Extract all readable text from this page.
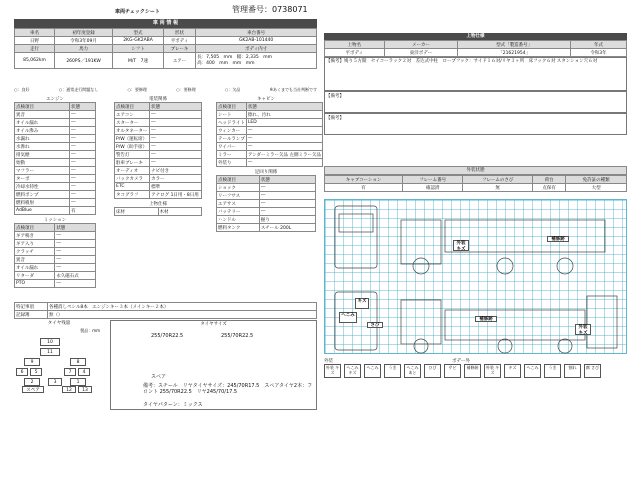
車両チェックシート	管理番号：0738071
車 両 情 報
車名	初年度登録	型式	形状	車台番号
日野	令和3年09月	2KG-GK2ABA	平ボディ	GK2AB-101440
走行	馬力	シフト	ブレーキ	ボディ内寸
85,062km	260PS／191KW	M/T　7速	エアー	長：7,505　mm　幅：2,335　mm
高：400　mm　mm　mm
○：良好	○：通常走行問題なし	○：要修理	○：要修理	○：欠品	※あくまでも当社判断です
エンジン
点検項目	状態
異音	―
オイル漏れ	―
オイル滲み	―
水漏れ	―
水滲れ	―
排気煙	―
始動	―
マフラー	―
ターボ	―
冷却水特性	―
燃料ポンプ	―
燃料噴射	―
AdBlue	有
ミッション
点検項目	状態
ギア鳴き	―
ギア入り	―
クラッチ	―
異音	―
オイル漏れ	―
リターダ	永久磁石式
PTO	―
電装関係
点検項目	状態
エアコン	―
スターター	―
オルタネーター	―
P/W（運転席）	―
P/W（助手席）	―
警告灯	―
駐車ブレーキ	―
オーディオ	ナビ付き
バックカメラ	カラー
ETC	標準
タコグラフ	アナログ 1日用・8日用
上物仕様
床材	木材
キャビン
点検項目	状態
シート	擦れ、汚れ
ヘッドライト	LED
ウィンカー	―
テールランプ	―
ワイパー	―
ミラー	アンダーミラー欠品 左側ミラー欠品
外装り	―
足回り関係
点検項目	状態
ショック	―
リーフサス	―
エアサス	―
バッテリー	―
ハンドル	握り
燃料タンク	スチール 200L
特記事項	各種消しペシル8本　エンジンキー３本（メインキー２本）
記録簿	無（）
タイヤ残量
製品：mm
10
11
9	8
6	5	7	4
2	1
3
スペア	12	13
タイヤサイズ
255/70R22.5	255/70R22.5
スペア
備考：スチール　リヤタイヤサイズ：245/70R17.5　スペアタイヤ2本：フロント 255/70R22.5　リヤ245/70/17.5
タイヤパターン：ミックス
上物仕様
上物名	メーカー	型式「製造番号」	年式
平ボディ	東洋ボデー	「21621954」	令和3年
【備考】鳩り５方開　セイコーラック２対　差込式中柱　ロープフック：サイド１６対/リヤ３ヶ所　床フック６対 スタンション穴６対
【備考】
【備考】
外装状態
キャブコーション	フレーム番号	フレームのさび	荷台	免許証の種類
有	確認済	無	点保有	大型
補修跡
外装 キズ
キズ
へこみ
補修跡
外装 キズ
さび
外装	ボデー外
外装 キズ
へこみ キズ
へこみ	うき	へこみ あと
ひび	サビ	補修跡	外装 キズ
キズ	へこみ	うき	割れ	腐 さび
